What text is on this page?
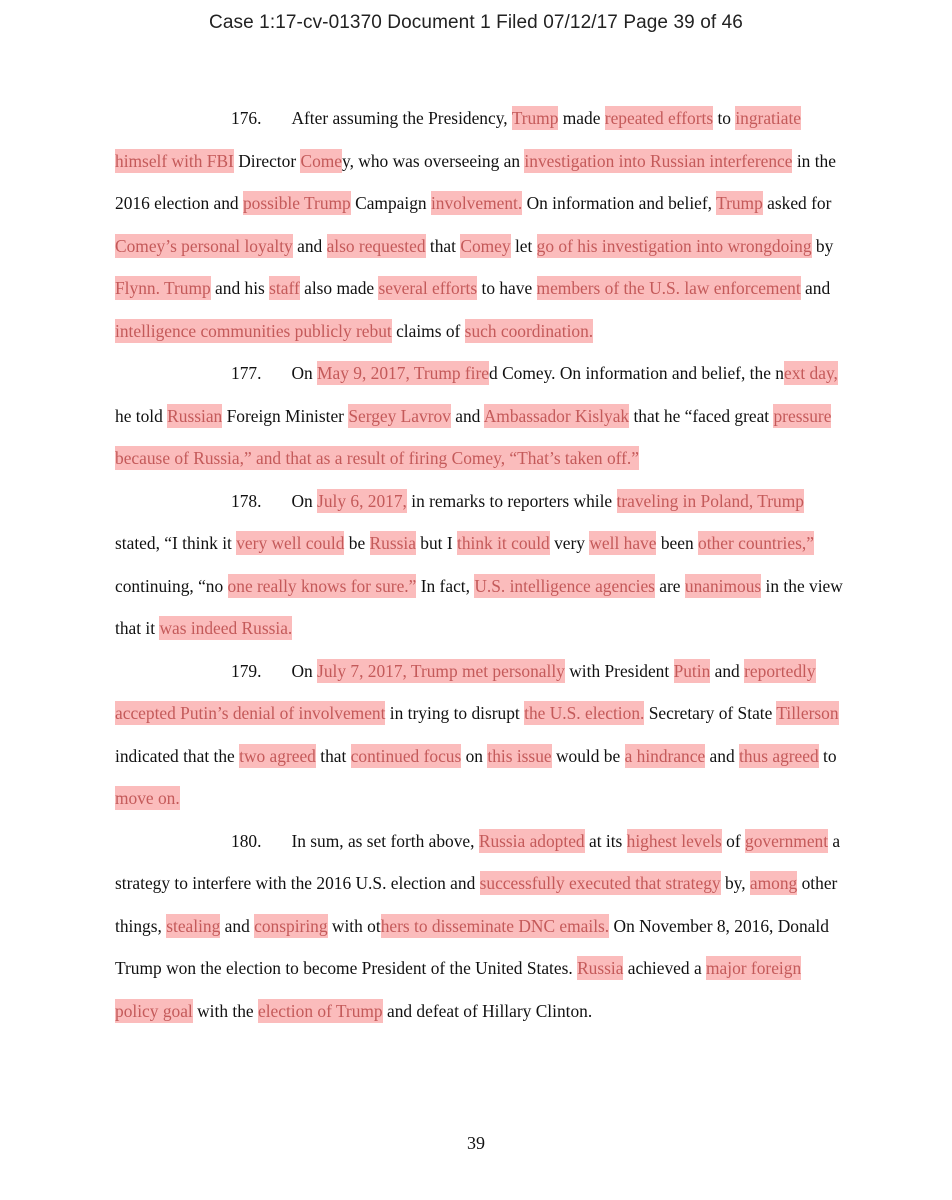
Case 1:17-cv-01370 Document 1 Filed 07/12/17 Page 39 of 46

176. After assuming the Presidency, Trump made repeated efforts to ingratiate himself with FBI Director Comey, who was overseeing an investigation into Russian interference in the 2016 election and possible Trump Campaign involvement. On information and belief, Trump asked for Comey’s personal loyalty and also requested that Comey let go of his investigation into wrongdoing by Flynn. Trump and his staff also made several efforts to have members of the U.S. law enforcement and intelligence communities publicly rebut claims of such coordination.

177. On May 9, 2017, Trump fired Comey. On information and belief, the next day, he told Russian Foreign Minister Sergey Lavrov and Ambassador Kislyak that he “faced great pressure because of Russia,” and that as a result of firing Comey, “That’s taken off.”

178. On July 6, 2017, in remarks to reporters while traveling in Poland, Trump stated, “I think it very well could be Russia but I think it could very well have been other countries,” continuing, “no one really knows for sure.” In fact, U.S. intelligence agencies are unanimous in the view that it was indeed Russia.

179. On July 7, 2017, Trump met personally with President Putin and reportedly accepted Putin’s denial of involvement in trying to disrupt the U.S. election. Secretary of State Tillerson indicated that the two agreed that continued focus on this issue would be a hindrance and thus agreed to move on.

180. In sum, as set forth above, Russia adopted at its highest levels of government a strategy to interfere with the 2016 U.S. election and successfully executed that strategy by, among other things, stealing and conspiring with others to disseminate DNC emails. On November 8, 2016, Donald Trump won the election to become President of the United States. Russia achieved a major foreign policy goal with the election of Trump and defeat of Hillary Clinton.

39
